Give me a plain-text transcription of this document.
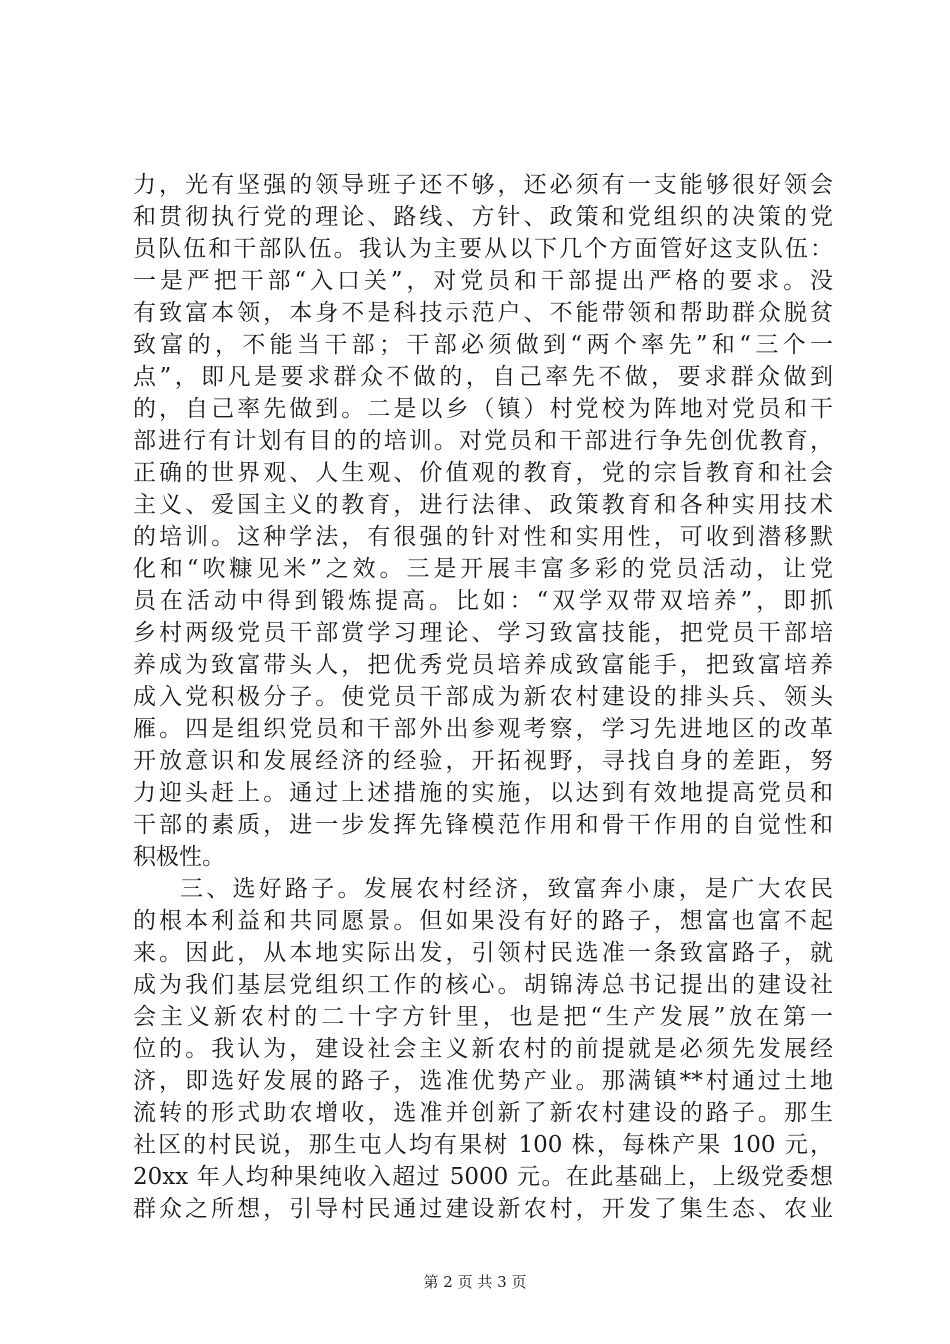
力，光有坚强的领导班子还不够，还必须有一支能够很好领会

和贯彻执行党的理论、路线、方针、政策和党组织的决策的党

员队伍和干部队伍。我认为主要从以下几个方面管好这支队伍：

一是严把干部“入口关”，对党员和干部提出严格的要求。没

有致富本领，本身不是科技示范户、不能带领和帮助群众脱贫

致富的，不能当干部；干部必须做到“两个率先”和“三个一

点”，即凡是要求群众不做的，自己率先不做，要求群众做到

的，自己率先做到。二是以乡（镇）村党校为阵地对党员和干

部进行有计划有目的的培训。对党员和干部进行争先创优教育，

正确的世界观、人生观、价值观的教育，党的宗旨教育和社会

主义、爱国主义的教育，进行法律、政策教育和各种实用技术

的培训。这种学法，有很强的针对性和实用性，可收到潜移默

化和“吹糠见米”之效。三是开展丰富多彩的党员活动，让党

员在活动中得到锻炼提高。比如：“双学双带双培养”，即抓

乡村两级党员干部赏学习理论、学习致富技能，把党员干部培

养成为致富带头人，把优秀党员培养成致富能手，把致富培养

成入党积极分子。使党员干部成为新农村建设的排头兵、领头

雁。四是组织党员和干部外出参观考察，学习先进地区的改革

开放意识和发展经济的经验，开拓视野，寻找自身的差距，努

力迎头赶上。通过上述措施的实施，以达到有效地提高党员和

干部的素质，进一步发挥先锋模范作用和骨干作用的自觉性和

积极性。

三、选好路子。发展农村经济，致富奔小康，是广大农民

的根本利益和共同愿景。但如果没有好的路子，想富也富不起

来。因此，从本地实际出发，引领村民选准一条致富路子，就

成为我们基层党组织工作的核心。胡锦涛总书记提出的建设社

会主义新农村的二十字方针里，也是把“生产发展”放在第一

位的。我认为，建设社会主义新农村的前提就是必须先发展经

济，即选好发展的路子，选准优势产业。那满镇**村通过土地

流转的形式助农增收，选准并创新了新农村建设的路子。那生

社区的村民说，那生屯人均有果树 100 株，每株产果 100 元，

20xx 年人均种果纯收入超过 5000 元。在此基础上，上级党委想

群众之所想，引导村民通过建设新农村，开发了集生态、农业

第 2 页 共 3 页
